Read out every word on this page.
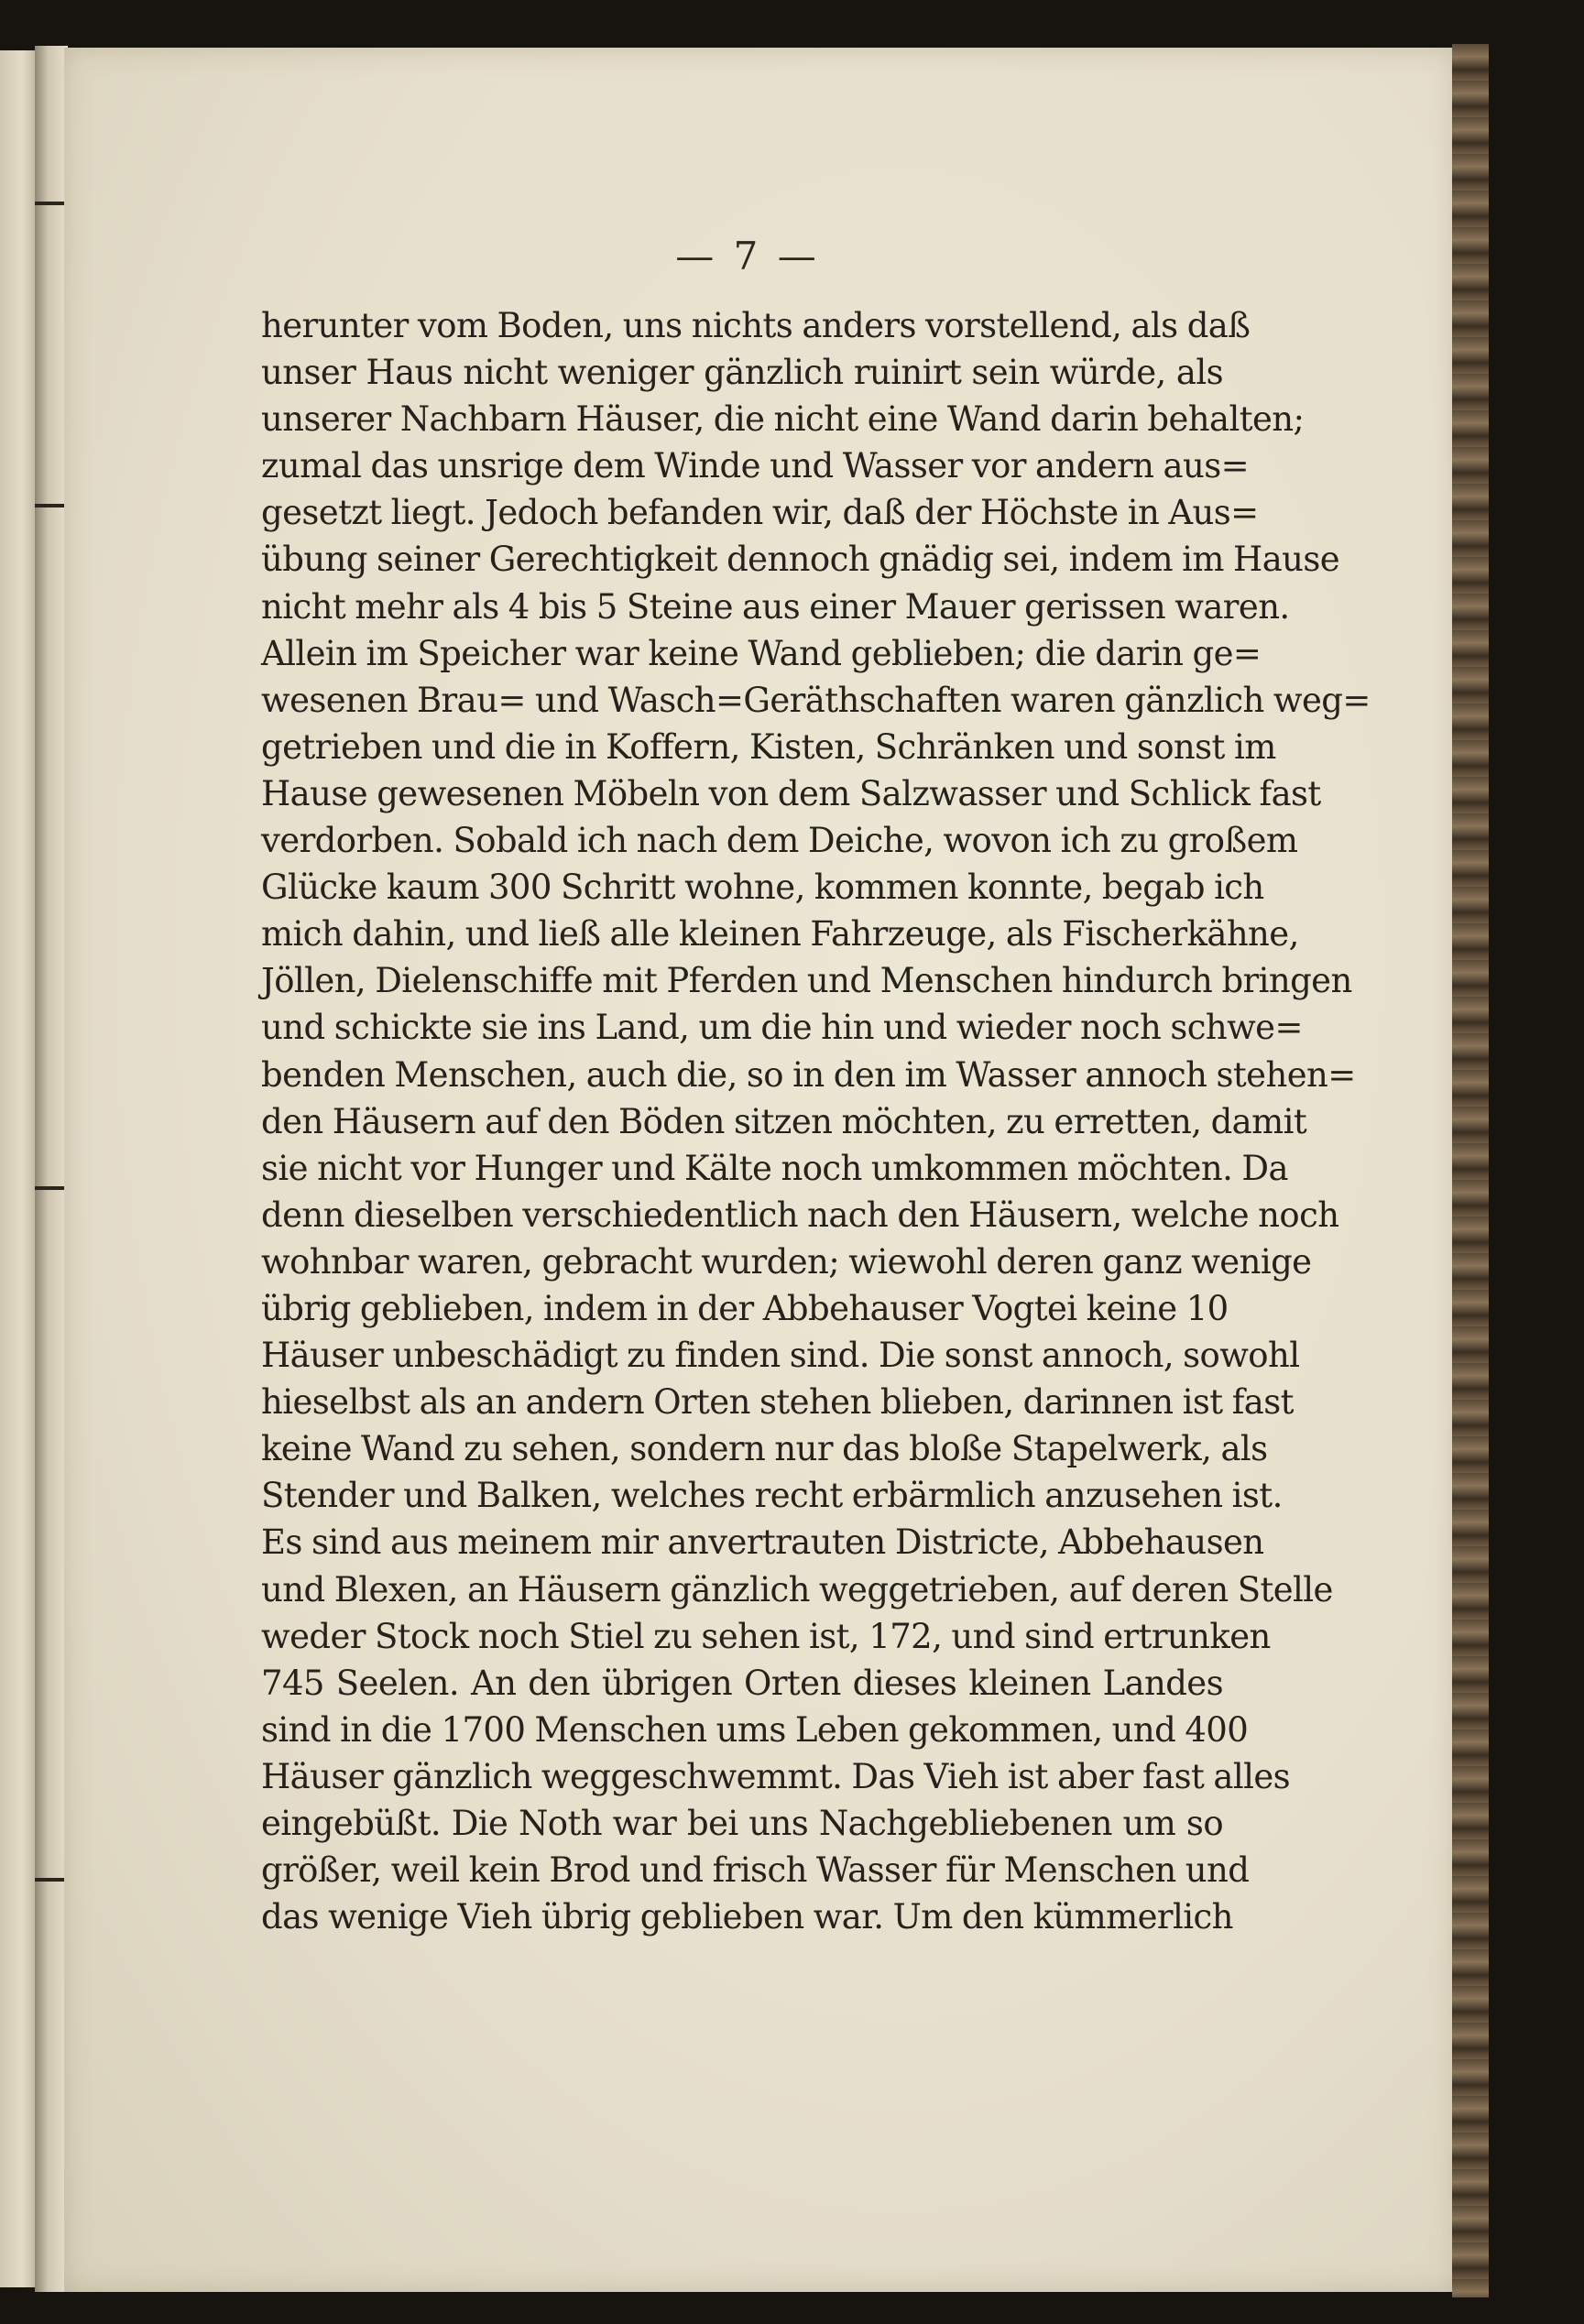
— 7 —
herunter vom Boden, uns nichts anders vorstellend, als daß
unser Haus nicht weniger gänzlich ruinirt sein würde, als
unserer Nachbarn Häuser, die nicht eine Wand darin behalten;
zumal das unsrige dem Winde und Wasser vor andern aus=
gesetzt liegt. Jedoch befanden wir, daß der Höchste in Aus=
übung seiner Gerechtigkeit dennoch gnädig sei, indem im Hause
nicht mehr als 4 bis 5 Steine aus einer Mauer gerissen waren.
Allein im Speicher war keine Wand geblieben; die darin ge=
wesenen Brau= und Wasch=Geräthschaften waren gänzlich weg=
getrieben und die in Koffern, Kisten, Schränken und sonst im
Hause gewesenen Möbeln von dem Salzwasser und Schlick fast
verdorben. Sobald ich nach dem Deiche, wovon ich zu großem
Glücke kaum 300 Schritt wohne, kommen konnte, begab ich
mich dahin, und ließ alle kleinen Fahrzeuge, als Fischerkähne,
Jöllen, Dielenschiffe mit Pferden und Menschen hindurch bringen
und schickte sie ins Land, um die hin und wieder noch schwe=
benden Menschen, auch die, so in den im Wasser annoch stehen=
den Häusern auf den Böden sitzen möchten, zu erretten, damit
sie nicht vor Hunger und Kälte noch umkommen möchten. Da
denn dieselben verschiedentlich nach den Häusern, welche noch
wohnbar waren, gebracht wurden; wiewohl deren ganz wenige
übrig geblieben, indem in der Abbehauser Vogtei keine 10
Häuser unbeschädigt zu finden sind. Die sonst annoch, sowohl
hieselbst als an andern Orten stehen blieben, darinnen ist fast
keine Wand zu sehen, sondern nur das bloße Stapelwerk, als
Stender und Balken, welches recht erbärmlich anzusehen ist.
Es sind aus meinem mir anvertrauten Districte, Abbehausen
und Blexen, an Häusern gänzlich weggetrieben, auf deren Stelle
weder Stock noch Stiel zu sehen ist, 172, und sind ertrunken
745 Seelen. An den übrigen Orten dieses kleinen Landes
sind in die 1700 Menschen ums Leben gekommen, und 400
Häuser gänzlich weggeschwemmt. Das Vieh ist aber fast alles
eingebüßt. Die Noth war bei uns Nachgebliebenen um so
größer, weil kein Brod und frisch Wasser für Menschen und
das wenige Vieh übrig geblieben war. Um den kümmerlich
